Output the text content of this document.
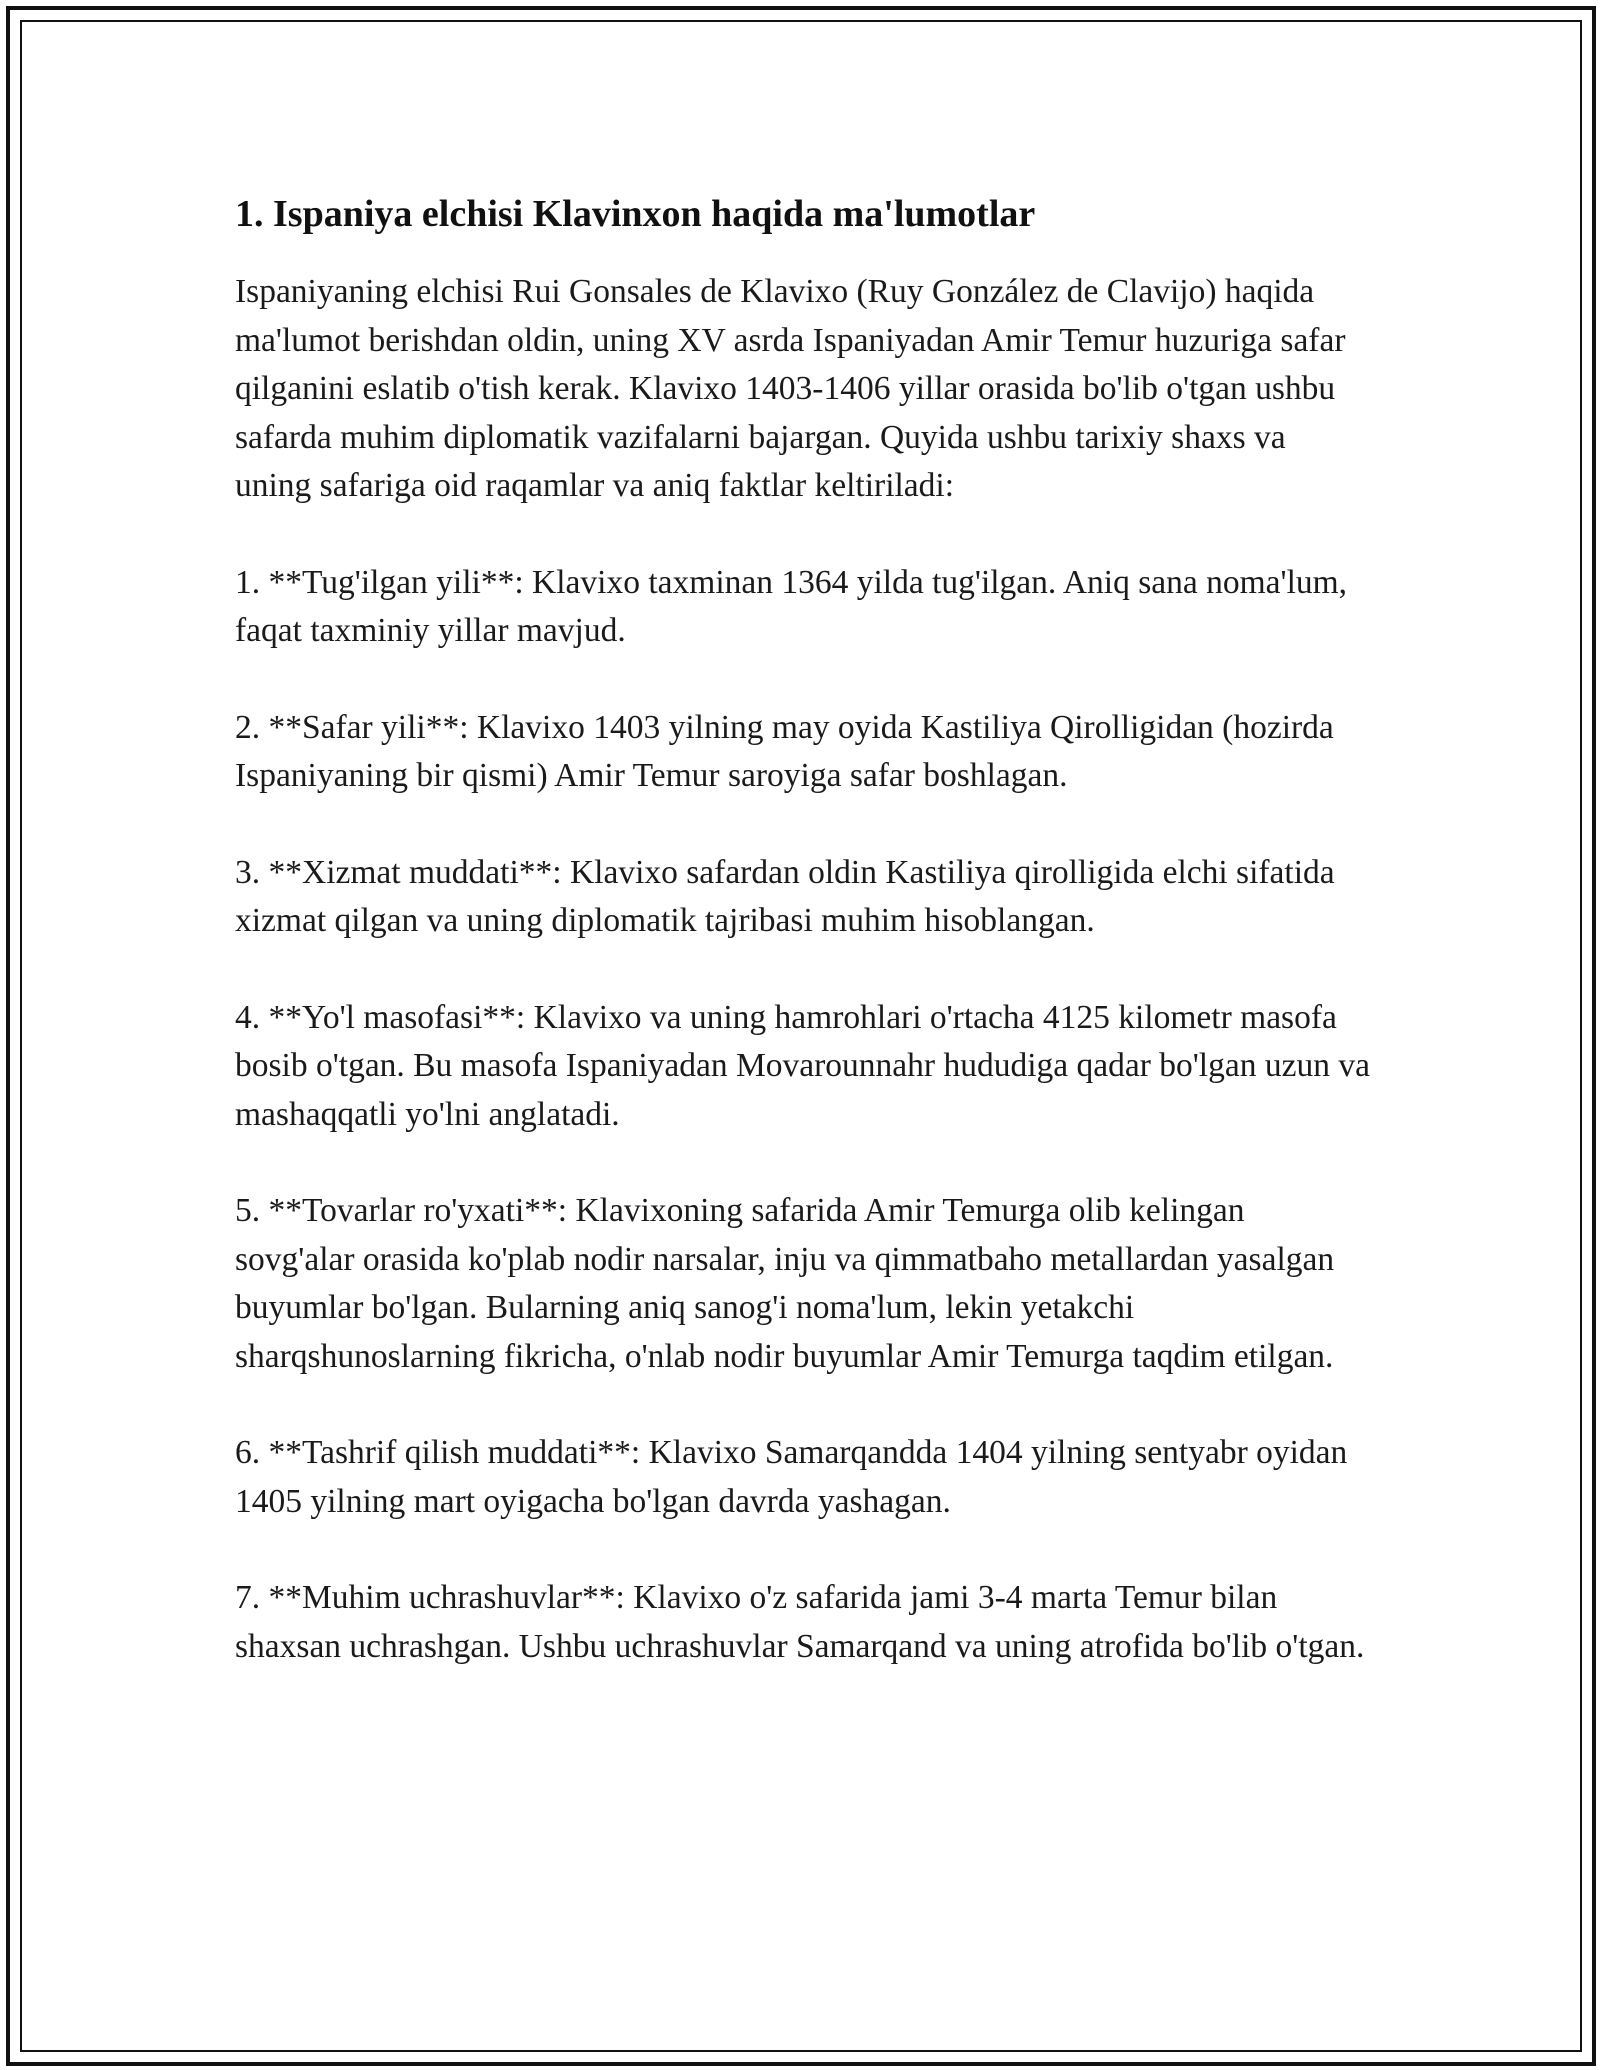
1. Ispaniya elchisi Klavinxon haqida ma'lumotlar

Ispaniyaning elchisi Rui Gonsales de Klavixo (Ruy González de Clavijo) haqida ma'lumot berishdan oldin, uning XV asrda Ispaniyadan Amir Temur huzuriga safar qilganini eslatib o'tish kerak. Klavixo 1403-1406 yillar orasida bo'lib o'tgan ushbu safarda muhim diplomatik vazifalarni bajargan. Quyida ushbu tarixiy shaxs va uning safariga oid raqamlar va aniq faktlar keltiriladi:

1. **Tug'ilgan yili**: Klavixo taxminan 1364 yilda tug'ilgan. Aniq sana noma'lum, faqat taxminiy yillar mavjud.

2. **Safar yili**: Klavixo 1403 yilning may oyida Kastiliya Qirolligidan (hozirda Ispaniyaning bir qismi) Amir Temur saroyiga safar boshlagan.

3. **Xizmat muddati**: Klavixo safardan oldin Kastiliya qirolligida elchi sifatida xizmat qilgan va uning diplomatik tajribasi muhim hisoblangan.

4. **Yo'l masofasi**: Klavixo va uning hamrohlari o'rtacha 4125 kilometr masofa bosib o'tgan. Bu masofa Ispaniyadan Movarounnahr hududiga qadar bo'lgan uzun va mashaqqatli yo'lni anglatadi.

5. **Tovarlar ro'yxati**: Klavixoning safarida Amir Temurga olib kelingan sovg'alar orasida ko'plab nodir narsalar, inju va qimmatbaho metallardan yasalgan buyumlar bo'lgan. Bularning aniq sanog'i noma'lum, lekin yetakchi sharqshunoslarning fikricha, o'nlab nodir buyumlar Amir Temurga taqdim etilgan.

6. **Tashrif qilish muddati**: Klavixo Samarqandda 1404 yilning sentyabr oyidan 1405 yilning mart oyigacha bo'lgan davrda yashagan.

7. **Muhim uchrashuvlar**: Klavixo o'z safarida jami 3-4 marta Temur bilan shaxsan uchrashgan. Ushbu uchrashuvlar Samarqand va uning atrofida bo'lib o'tgan.
